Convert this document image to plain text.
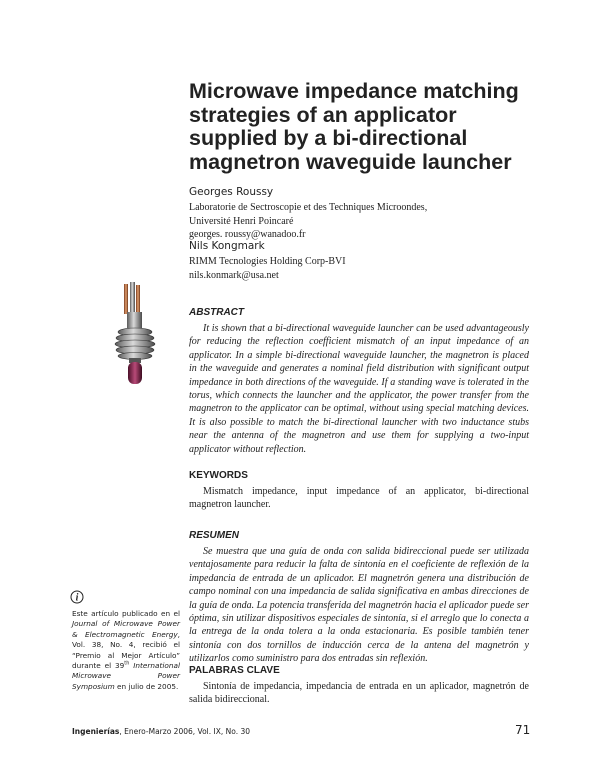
Microwave impedance matching
strategies of an applicator
supplied by a bi-directional
magnetron waveguide launcher
Georges Roussy
Laboratorie de Sectroscopie et des Techniques Microondes,
Université Henri Poincaré
georges. roussy@wanadoo.fr
Nils Kongmark
RIMM Tecnologies Holding Corp-BVI
nils.konmark@usa.net
ABSTRACT
It is shown that a bi-directional waveguide launcher can be used advantageously for reducing the reflection coefficient mismatch of an input impedance of an applicator. In a simple bi-directional waveguide launcher, the magnetron is placed in the waveguide and generates a nominal field distribution with significant output impedance in both directions of the waveguide. If a standing wave is tolerated in the torus, which connects the launcher and the applicator, the power transfer from the magnetron to the applicator can be optimal, without using special matching devices. It is also possible to match the bi-directional launcher with two inductance stubs near the antenna of the magnetron and use them for supplying a two-input applicator without reflection.
KEYWORDS
Mismatch impedance, input impedance of an applicator, bi-directional magnetron launcher.
RESUMEN
Se muestra que una guía de onda con salida bidireccional puede ser utilizada ventajosamente para reducir la falta de sintonía en el coeficiente de reflexión de la impedancia de entrada de un aplicador. El magnetrón genera una distribución de campo nominal con una impedancia de salida significativa en ambas direcciones de la guía de onda. La potencia transferida del magnetrón hacia el aplicador puede ser óptima, sin utilizar dispositivos especiales de sintonía, si el arreglo que lo conecta a la entrega de la onda tolera a la onda estacionaria. Es posible también tener sintonía con dos tornillos de inducción cerca de la antena del magnetrón y utilizarlos como suministro para dos entradas sin reflexión.
PALABRAS CLAVE
Sintonía de impedancia, impedancia de entrada en un aplicador, magnetrón de salida bidireccional.
i
Este artículo publicado en el Journal of Microwave Power & Electromagnetic Energy, Vol. 38, No. 4, recibió el “Premio al Mejor Artículo” durante el 39th International Microwave Power Symposium en julio de 2005.
Ingenierías, Enero-Marzo 2006, Vol. IX, No. 30	71
